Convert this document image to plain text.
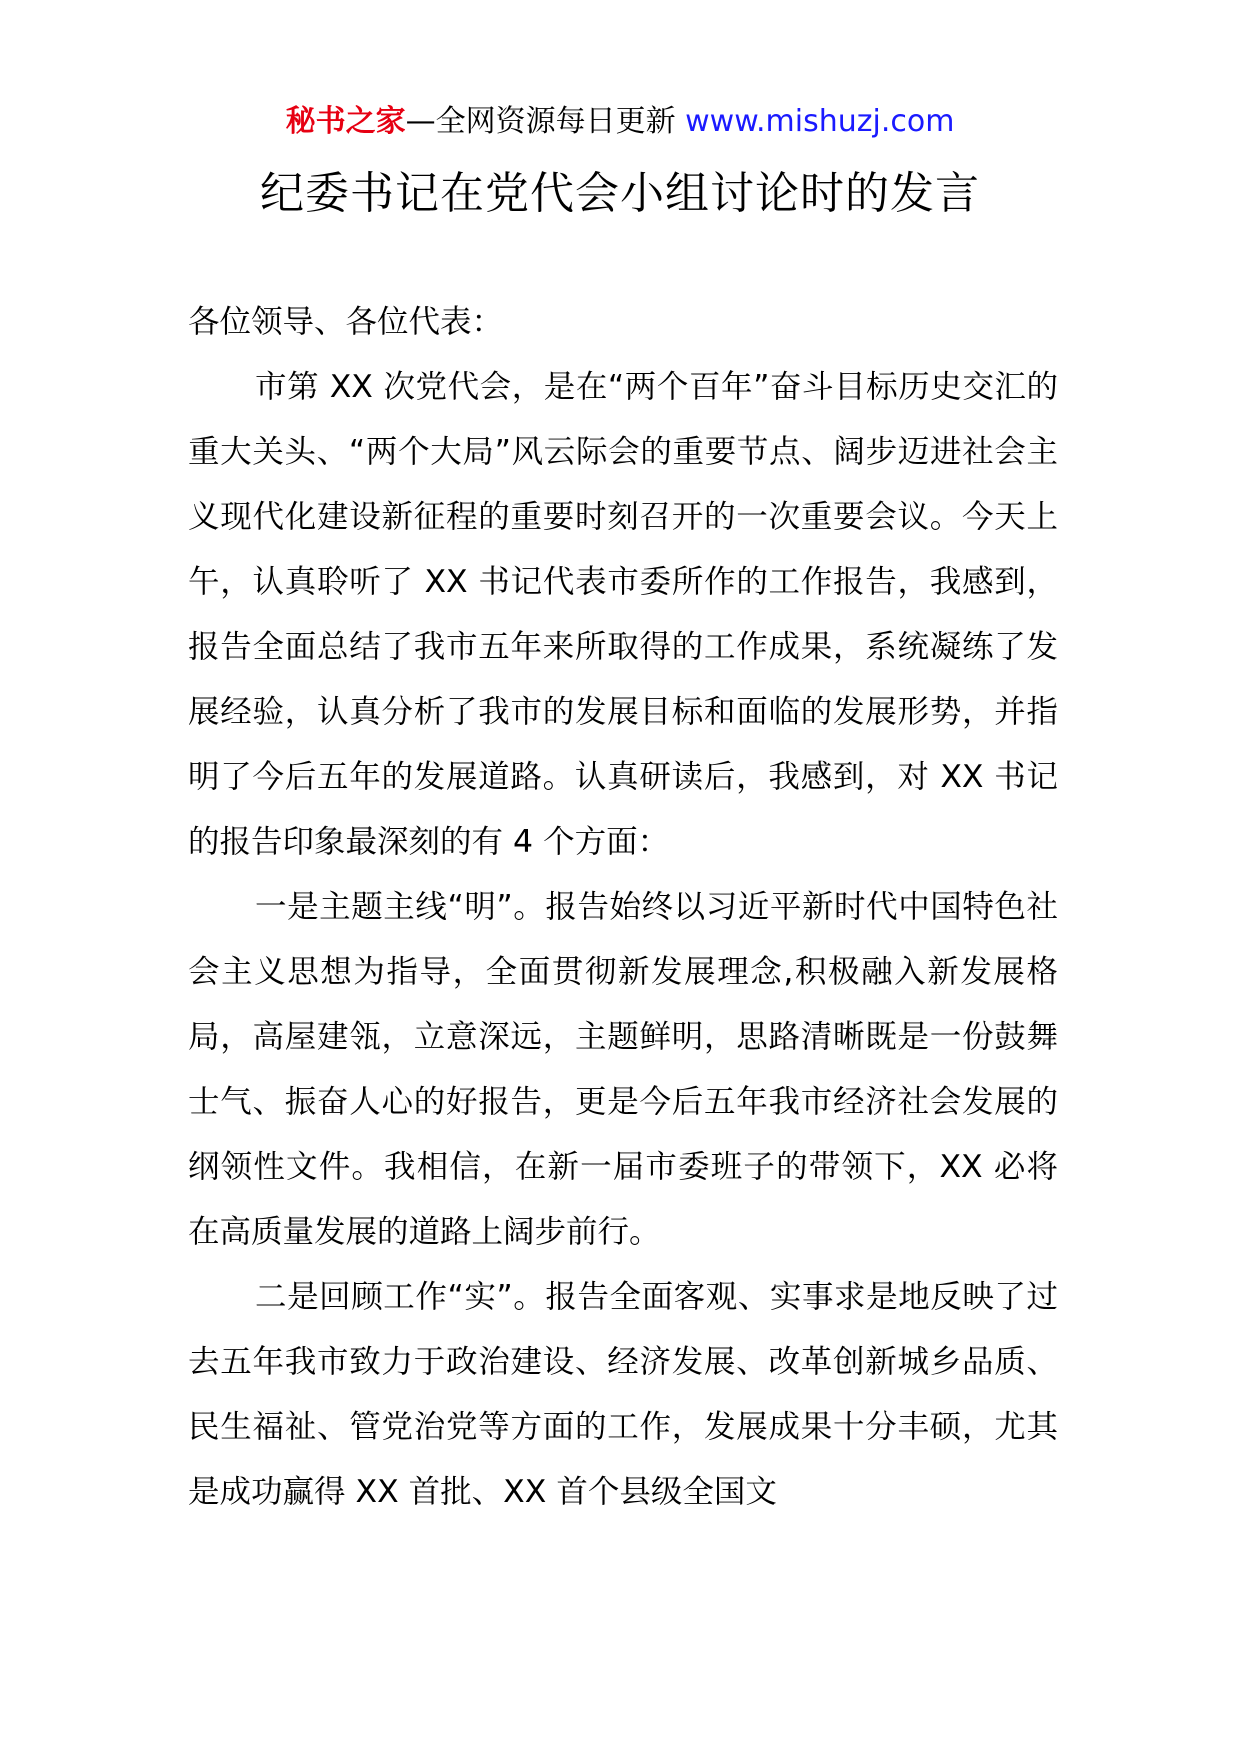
秘书之家—全网资源每日更新 www.mishuzj.com
纪委书记在党代会小组讨论时的发言

各位领导、各位代表：

市第 XX 次党代会，是在“两个百年”奋斗目标历史交汇的重大关头、“两个大局”风云际会的重要节点、阔步迈进社会主义现代化建设新征程的重要时刻召开的一次重要会议。今天上午，认真聆听了 XX 书记代表市委所作的工作报告，我感到，报告全面总结了我市五年来所取得的工作成果，系统凝练了发展经验，认真分析了我市的发展目标和面临的发展形势，并指明了今后五年的发展道路。认真研读后，我感到，对 XX 书记的报告印象最深刻的有 4 个方面：

一是主题主线“明”。报告始终以习近平新时代中国特色社会主义思想为指导，全面贯彻新发展理念,积极融入新发展格局，高屋建瓴，立意深远，主题鲜明，思路清晰既是一份鼓舞士气、振奋人心的好报告，更是今后五年我市经济社会发展的纲领性文件。我相信，在新一届市委班子的带领下，XX 必将在高质量发展的道路上阔步前行。

二是回顾工作“实”。报告全面客观、实事求是地反映了过去五年我市致力于政治建设、经济发展、改革创新城乡品质、民生福祉、管党治党等方面的工作，发展成果十分丰硕，尤其是成功赢得 XX 首批、XX 首个县级全国文
